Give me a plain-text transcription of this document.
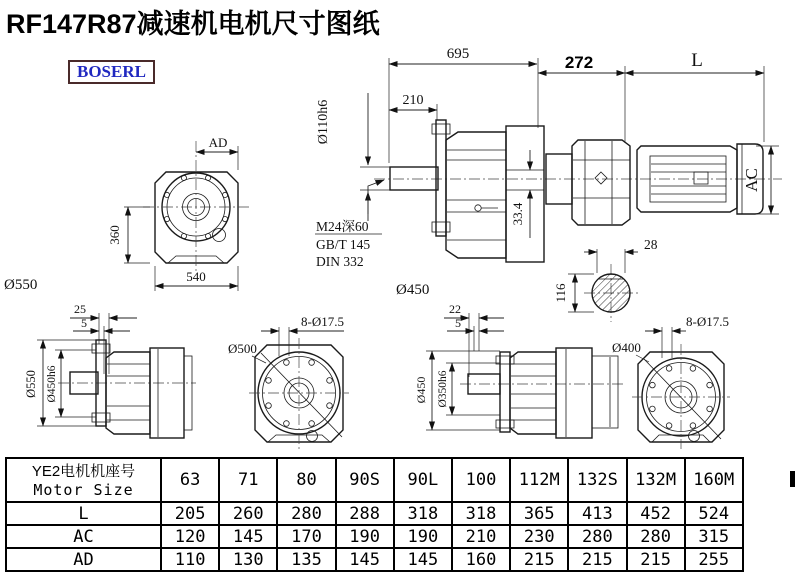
RF147R87减速机电机尺寸图纸
BOSERL
695	272	L
210
AC
33.4
Ø110h6
M24深60
GB/T 145
DIN 332
Ø550	Ø450
AD
360
540
28
116
25
5
Ø550 Ø450h6
8-Ø17.5
Ø500
22
5
Ø450 Ø350h6
8-Ø17.5
Ø400
YE2电机机座号
Motor Size	63	71	80	90S	90L	100	112M	132S	132M	160M
L	205	260	280	288	318	318	365	413	452	524
AC	120	145	170	190	190	210	230	280	280	315
AD	110	130	135	145	145	160	215	215	215	255
